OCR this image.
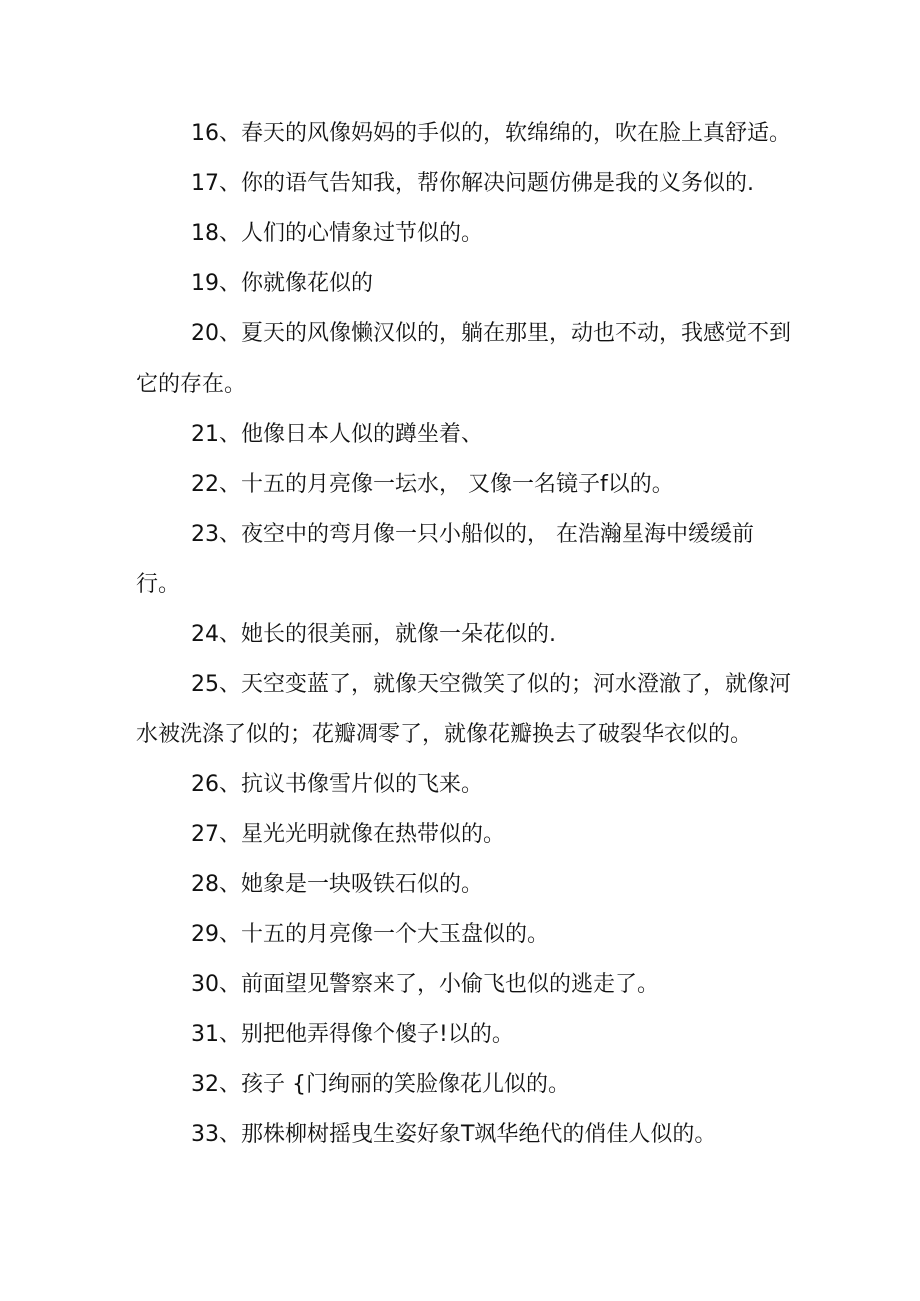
16、春天的风像妈妈的手似的，软绵绵的，吹在脸上真舒适。
17、你的语气告知我，帮你解决问题仿佛是我的义务似的.
18、人们的心情象过节似的。
19、你就像花似的
20、夏天的风像懒汉似的，躺在那里，动也不动，我感觉不到
它的存在。
21、他像日本人似的蹲坐着、
22、十五的月亮像一坛水， 又像一名镜子f以的。
23、夜空中的弯月像一只小船似的， 在浩瀚星海中缓缓前
行。
24、她长的很美丽，就像一朵花似的.
25、天空变蓝了，就像天空微笑了似的；河水澄澈了，就像河
水被洗涤了似的；花瓣凋零了，就像花瓣换去了破裂华衣似的。
26、抗议书像雪片似的飞来。
27、星光光明就像在热带似的。
28、她象是一块吸铁石似的。
29、十五的月亮像一个大玉盘似的。
30、前面望见警察来了，小偷飞也似的逃走了。
31、别把他弄得像个傻子!以的。
32、孩子 {门绚丽的笑脸像花儿似的。
33、那株柳树摇曳生姿好象T飒华绝代的俏佳人似的。
